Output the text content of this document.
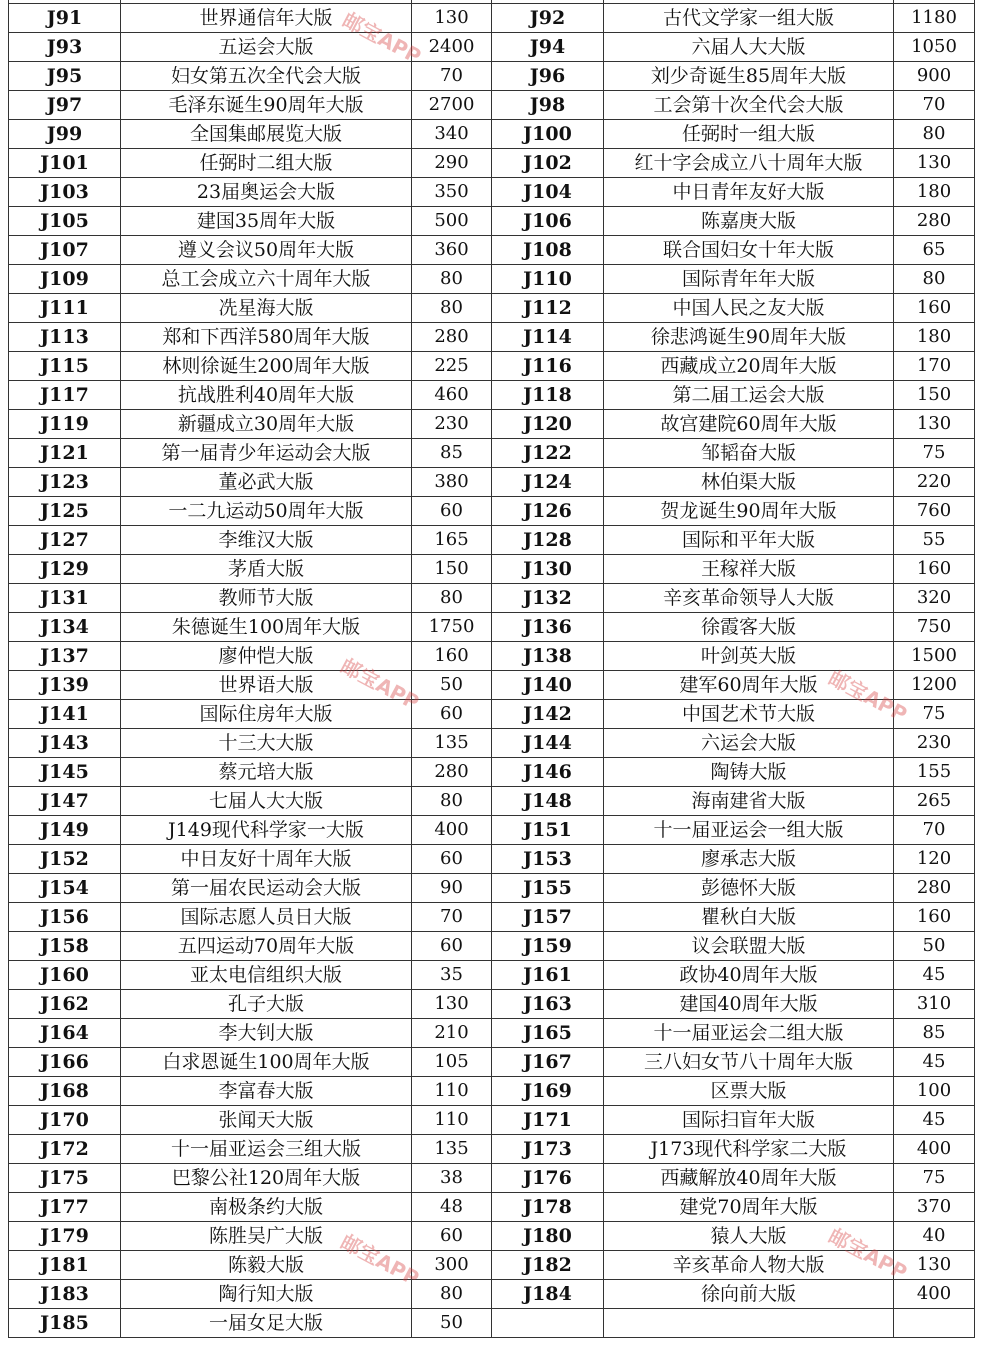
J91	世界通信年大版	130	J92	古代文学家一组大版	1180
J93	五运会大版	2400	J94	六届人大大版	1050
J95	妇女第五次全代会大版	70	J96	刘少奇诞生85周年大版	900
J97	毛泽东诞生90周年大版	2700	J98	工会第十次全代会大版	70
J99	全国集邮展览大版	340	J100	任弼时一组大版	80
J101	任弼时二组大版	290	J102	红十字会成立八十周年大版	130
J103	23届奥运会大版	350	J104	中日青年友好大版	180
J105	建国35周年大版	500	J106	陈嘉庚大版	280
J107	遵义会议50周年大版	360	J108	联合国妇女十年大版	65
J109	总工会成立六十周年大版	80	J110	国际青年年大版	80
J111	冼星海大版	80	J112	中国人民之友大版	160
J113	郑和下西洋580周年大版	280	J114	徐悲鸿诞生90周年大版	180
J115	林则徐诞生200周年大版	225	J116	西藏成立20周年大版	170
J117	抗战胜利40周年大版	460	J118	第二届工运会大版	150
J119	新疆成立30周年大版	230	J120	故宫建院60周年大版	130
J121	第一届青少年运动会大版	85	J122	邹韬奋大版	75
J123	董必武大版	380	J124	林伯渠大版	220
J125	一二九运动50周年大版	60	J126	贺龙诞生90周年大版	760
J127	李维汉大版	165	J128	国际和平年大版	55
J129	茅盾大版	150	J130	王稼祥大版	160
J131	教师节大版	80	J132	辛亥革命领导人大版	320
J134	朱德诞生100周年大版	1750	J136	徐霞客大版	750
J137	廖仲恺大版	160	J138	叶剑英大版	1500
J139	世界语大版	50	J140	建军60周年大版	1200
J141	国际住房年大版	60	J142	中国艺术节大版	75
J143	十三大大版	135	J144	六运会大版	230
J145	蔡元培大版	280	J146	陶铸大版	155
J147	七届人大大版	80	J148	海南建省大版	265
J149	J149现代科学家一大版	400	J151	十一届亚运会一组大版	70
J152	中日友好十周年大版	60	J153	廖承志大版	120
J154	第一届农民运动会大版	90	J155	彭德怀大版	280
J156	国际志愿人员日大版	70	J157	瞿秋白大版	160
J158	五四运动70周年大版	60	J159	议会联盟大版	50
J160	亚太电信组织大版	35	J161	政协40周年大版	45
J162	孔子大版	130	J163	建国40周年大版	310
J164	李大钊大版	210	J165	十一届亚运会二组大版	85
J166	白求恩诞生100周年大版	105	J167	三八妇女节八十周年大版	45
J168	李富春大版	110	J169	区票大版	100
J170	张闻天大版	110	J171	国际扫盲年大版	45
J172	十一届亚运会三组大版	135	J173	J173现代科学家二大版	400
J175	巴黎公社120周年大版	38	J176	西藏解放40周年大版	75
J177	南极条约大版	48	J178	建党70周年大版	370
J179	陈胜吴广大版	60	J180	猿人大版	40
J181	陈毅大版	300	J182	辛亥革命人物大版	130
J183	陶行知大版	80	J184	徐向前大版	400
J185	一届女足大版	50			
邮宝APP
邮宝APP	邮宝APP
邮宝APP	邮宝APP
